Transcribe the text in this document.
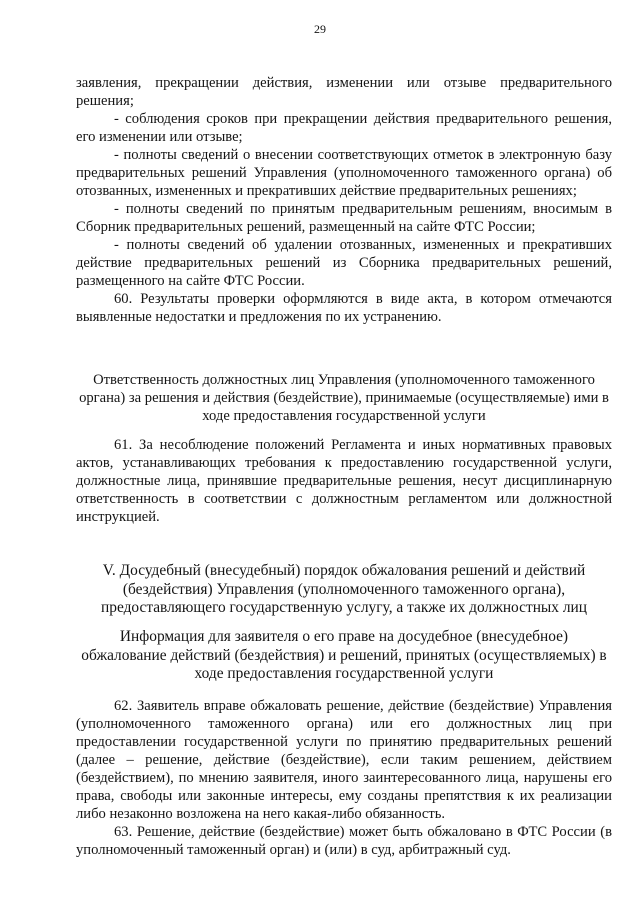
29

заявления, прекращении действия, изменении или отзыве предварительного решения;

- соблюдения сроков при прекращении действия предварительного решения, его изменении или отзыве;

- полноты сведений о внесении соответствующих отметок в электронную базу предварительных решений Управления (уполномоченного таможенного органа) об отозванных, измененных и прекративших действие предварительных решениях;

- полноты сведений по принятым предварительным решениям, вносимым в Сборник предварительных решений, размещенный на сайте ФТС России;

- полноты сведений об удалении отозванных, измененных и прекративших действие предварительных решений из Сборника предварительных решений, размещенного на сайте ФТС России.

60. Результаты проверки оформляются в виде акта, в котором отмечаются выявленные недостатки и предложения по их устранению.

Ответственность должностных лиц Управления (уполномоченного таможенного органа) за решения и действия (бездействие), принимаемые (осуществляемые) ими в ходе предоставления государственной услуги

61. За несоблюдение положений Регламента и иных нормативных правовых актов, устанавливающих требования к предоставлению государственной услуги, должностные лица, принявшие предварительные решения, несут дисциплинарную ответственность в соответствии с должностным регламентом или должностной инструкцией.

V. Досудебный (внесудебный) порядок обжалования решений и действий (бездействия) Управления (уполномоченного таможенного органа), предоставляющего государственную услугу, а также их должностных лиц

Информация для заявителя о его праве на досудебное (внесудебное) обжалование действий (бездействия) и решений, принятых (осуществляемых) в ходе предоставления государственной услуги

62. Заявитель вправе обжаловать решение, действие (бездействие) Управления (уполномоченного таможенного органа) или его должностных лиц при предоставлении государственной услуги по принятию предварительных решений (далее – решение, действие (бездействие), если таким решением, действием (бездействием), по мнению заявителя, иного заинтересованного лица, нарушены его права, свободы или законные интересы, ему созданы препятствия к их реализации либо незаконно возложена на него какая-либо обязанность.

63. Решение, действие (бездействие) может быть обжаловано в ФТС России (в уполномоченный таможенный орган) и (или) в суд, арбитражный суд.
